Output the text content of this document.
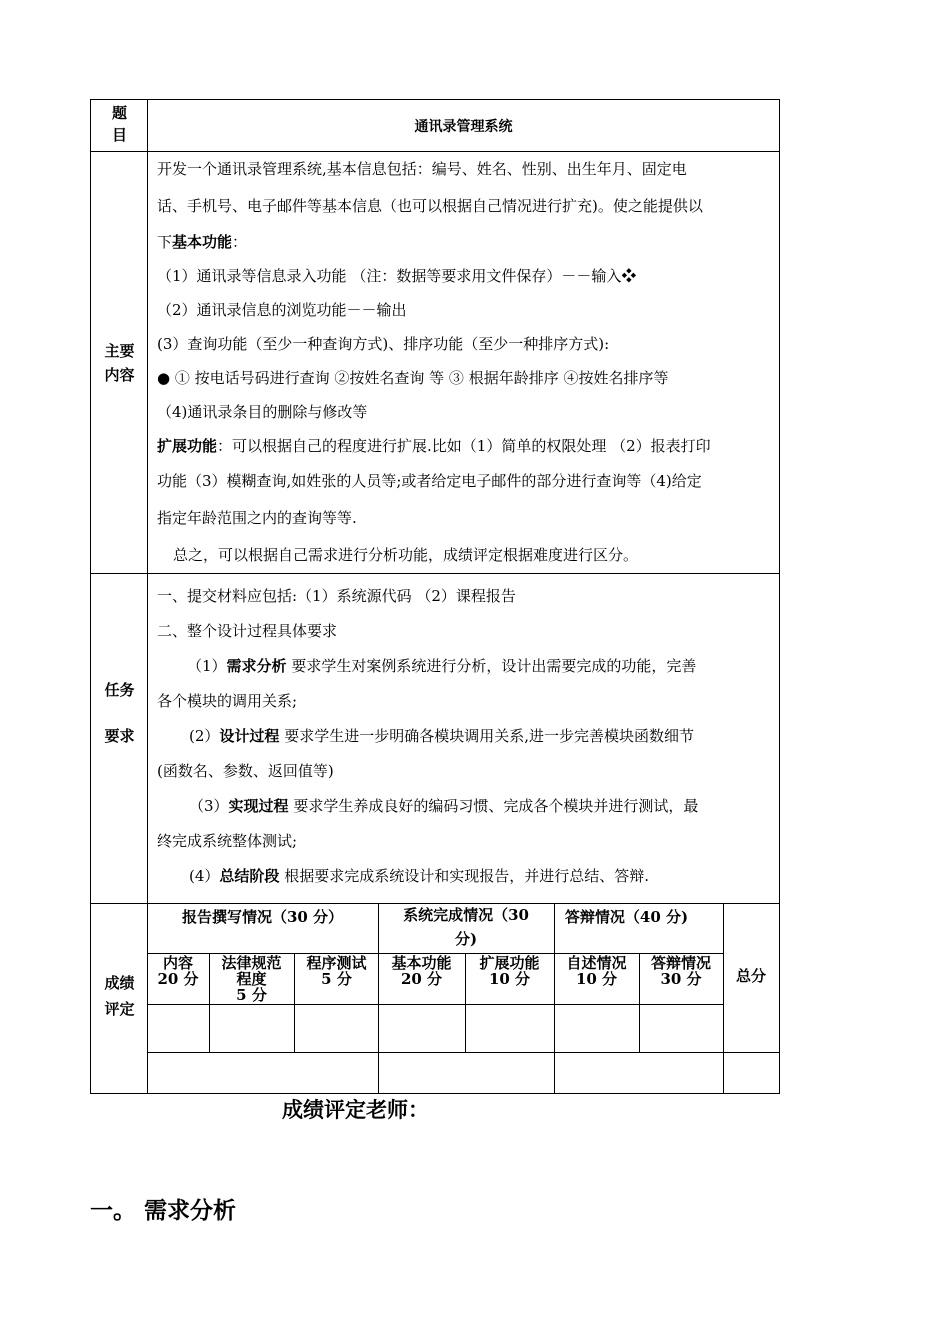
题
目	通讯录管理系统
主要
内容

开发一个通讯录管理系统,基本信息包括：编号、姓名、性别、出生年月、固定电

话、手机号、电子邮件等基本信息（也可以根据自己情况进行扩充)。使之能提供以

下基本功能：

（1）通讯录等信息录入功能 （注：数据等要求用文件保存）－－输入❖

（2）通讯录信息的浏览功能－－输出

(3）查询功能（至少一种查询方式)、排序功能（至少一种排序方式):

● ① 按电话号码进行查询 ②按姓名查询 等 ③ 根据年龄排序 ④按姓名排序等

（4)通讯录条目的删除与修改等

扩展功能：可以根据自己的程度进行扩展.比如（1）简单的权限处理 （2）报表打印

功能（3）模糊查询,如姓张的人员等;或者给定电子邮件的部分进行查询等（4)给定

指定年龄范围之内的查询等等.

总之，可以根据自己需求进行分析功能，成绩评定根据难度进行区分。

任务
要求

一、提交材料应包括:（1）系统源代码 （2）课程报告

二、整个设计过程具体要求

（1）需求分析 要求学生对案例系统进行分析，设计出需要完成的功能，完善

各个模块的调用关系;

(2）设计过程 要求学生进一步明确各模块调用关系,进一步完善模块函数细节

(函数名、参数、返回值等)

（3）实现过程 要求学生养成良好的编码习惯、完成各个模块并进行测试，最

终完成系统整体测试;

(4）总结阶段 根据要求完成系统设计和实现报告，并进行总结、答辩.

成绩
评定
报告撰写情况（30 分）	系统完成情况（30
分)
答辩情况（40 分)
总分
内容
20 分
法律规范
程度
5 分
程序测试
5 分
基本功能
20 分
扩展功能
10 分
自述情况
10 分
答辩情况
30 分
成绩评定老师：
一。 需求分析
